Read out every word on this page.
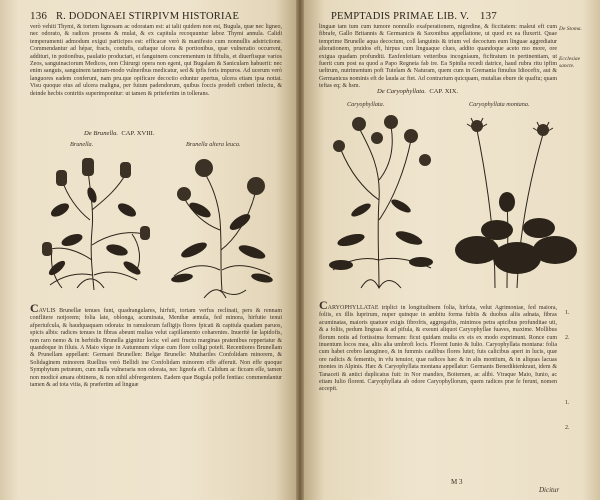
136 R. DODONAEI STIRPIVM HISTORIAE

verò vehiti Thymi, & tortem lignosam ac odoratam est: at talii quidem non est, Bugula, quæ nec ligneo, nec odorato, & radices prosens & mulat, & ex capitula recoquuntur laboz Thymi annula. Calidi temperamenti admodum exigui participes est: efficacæ verò & manifesto cum nonnullis adstrictione. Commendantur ad hépar, fracis, contufis, caftaque ulcera & portionibus, quæ vulneratio occurrent, addituri, in potionibus, paulatio productari, et fanguinem concrementum in fiftulis, et diuerfisque varios Zeos, sanguinaciorum Medicos, non Chirurgi opera non egent, qui Bugalam & Sanicularn habuerit: nec enim sanguis, sanguinem tantum-modo vulneribus medicatur, sed & ipfis foris impuros. Ad ucerum verò languores eadem conferunt, nam pru.que opificare decoctio eduntur apertus, ulcera etiam ipsa notiat. Visu quoque eius ad ulcera maligna, per fuium padendorum, quibus foccis prodefi creberi infectu, & deinde hecbis contritis superimponitur: ut tamen & pritefertim in tollerans.

De Brunella. CAP. XVIII.
Brunella.	Brunella altera leuca.

CAVLIS Brunellæ tenues funt, quadrangulares, hirfuti, tortam verfus reclinati, pers & rennam conflitere notjorem; folia late, oblonga, acuminata, Menthæ æmula, fed minora, hirfutie tenui afperiufcula, & haudquaquam odorata: in ramulorum fafligijs flores fpicati & capitula quadam paruos, spicis albis: radices tenues in fibras abeunt multas velut capillamento coharentes. Inueritè fæ lapidofis, non raro nemo & in herbidis Brunella gignitur locis: vel aeti fructu marginas pratenibus repperiatur & quandoque in filuis. A Maio víque in Autumnum vſque cum flore colligi poteft. Recentiores Brunellam & Prunellam appellant: Germani Brunellen: Belgæ Brunelle: Muthariles Confolidam minorem, & Solidaginem minorem Ruellius verò Bellidi ine Confolidam minorem effe afferuit. Non effe quoque Symphytum petræum, cum nulla vulneraria non odorata, nec lignofa eft. Calidum ac ficcam eſſe, tamen non modicè amara obtinens, & non nihil abfrergentem. Eadem quæ Bugula pofle fentias: commendantur tamen & ad tota vitia, & præfertim ad linguæ

PEMPTADIS PRIMAE LIB. V. 137

linguæ tam tum cum tumore nonnullo exafperationem, nigredine, & ficcitatem: maleui eft cum fibrafe, Gallo Britannis & Germanicis & Saxonibus appellatione, ut quod ex ea fluxerit. Quae temprime Brunelle aqua decoctum, coll languinis & trium vel decoctum eum linguae aggrediatur alterationem, pruidos eft, hirpus cum linguaque clues, addito quandoque aceto mo more, ore exigua quadam profunditi. Eaxfenfeitam vetteribus incogníaum, ficftratum in pertinentiam, ut fuerit cum post ea quod a Papo Regneta fab ire. Ea Spinlia recedi datrice, haud rubra ritu ipfim ueltrum, nutrimentum poft Tutelam & Naturam, quem cum in Gremania fimulus Idiocefix, aut & Germanicus nominis eft de lauda ac ftet. Ad contrarium quicquam, mutalias ebure de quaftu; quam teftas eq; & hsm.

De Stoma.
Ecclesiae sancte.
De Caryophyllata. CAP. XIX.
Caryophyllata.	Caryophyllata montana.

CARYOPHYLLATAE triplici in longitudinem folia, hirfuta, velut Agrimoniae, fed maiora, foliis, ex illis luprirum, nuper quinque in ambitu forma fubiis & duobus aliis adnata, fibras acuminatas, maioris quatuor exigis fibrofris, aggregaftis, minimos petra apicibus profunditae uti, & a foliis, pedum linguas & ad pifula, & exeunt aliquot Caryophyllae fuaves, maxime. Mollibus florum notis ad fortissima formam: ficut quidam multa ex eis ex modo exprimunt. Ronce cum inuentum locos mea, aliis alia umbrofi locis. Florent Iunio & Iulio. Caryophyllata montana: folia cum habet crebro lanugineo, & in fummis caulibus flores lutei; fuis calicibus aperi in lucis, quæ ore radicis & fementis, in vfu tenuior, quæ radices hæc & in alis montium, & in aliquas lacuas montes in Alpinis. Hæc & Caryophyllata montana appellatur: Germanis Benediktenkraut, idem & Tanaceti & antici duplicatus fuit: in Nor mandies, Boitemen, ac alibi. Vtraque Maio, Iunio, ac etiam Iulio florent. Caryophyllata ab odore Caryophyllorum, quem radices præ fe ferunt, nomen accepit.

1.
2.
1.
2.
M 3
Dicitur
